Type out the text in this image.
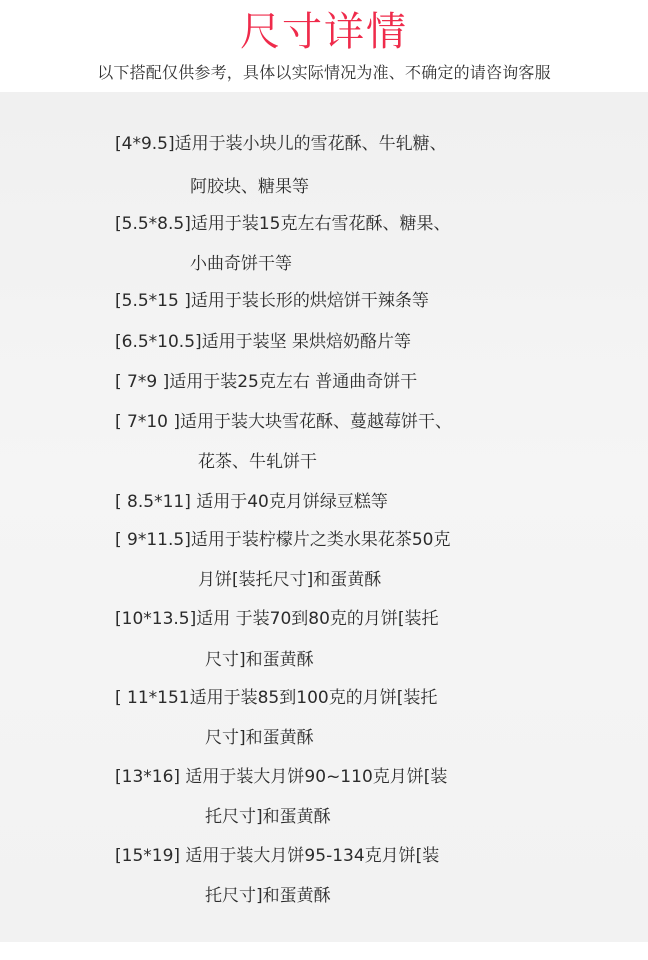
尺寸详情
以下搭配仅供参考，具体以实际情况为准、不确定的请咨询客服
[4*9.5]适用于装小块儿的雪花酥、牛轧糖、
阿胶块、糖果等
[5.5*8.5]适用于装15克左右雪花酥、糖果、
小曲奇饼干等
[5.5*15 ]适用于装长形的烘焙饼干辣条等
[6.5*10.5]适用于装坚 果烘焙奶酪片等
[ 7*9 ]适用于装25克左右 普通曲奇饼干
[ 7*10 ]适用于装大块雪花酥、蔓越莓饼干、
花茶、牛轧饼干
[ 8.5*11] 适用于40克月饼绿豆糕等
[ 9*11.5]适用于装柠檬片之类水果花茶50克
月饼[装托尺寸]和蛋黄酥
[10*13.5]适用 于装70到80克的月饼[装托
尺寸]和蛋黄酥
[ 11*151适用于装85到100克的月饼[装托
尺寸]和蛋黄酥
[13*16] 适用于装大月饼90~110克月饼[装
托尺寸]和蛋黄酥
[15*19] 适用于装大月饼95-134克月饼[装
托尺寸]和蛋黄酥
